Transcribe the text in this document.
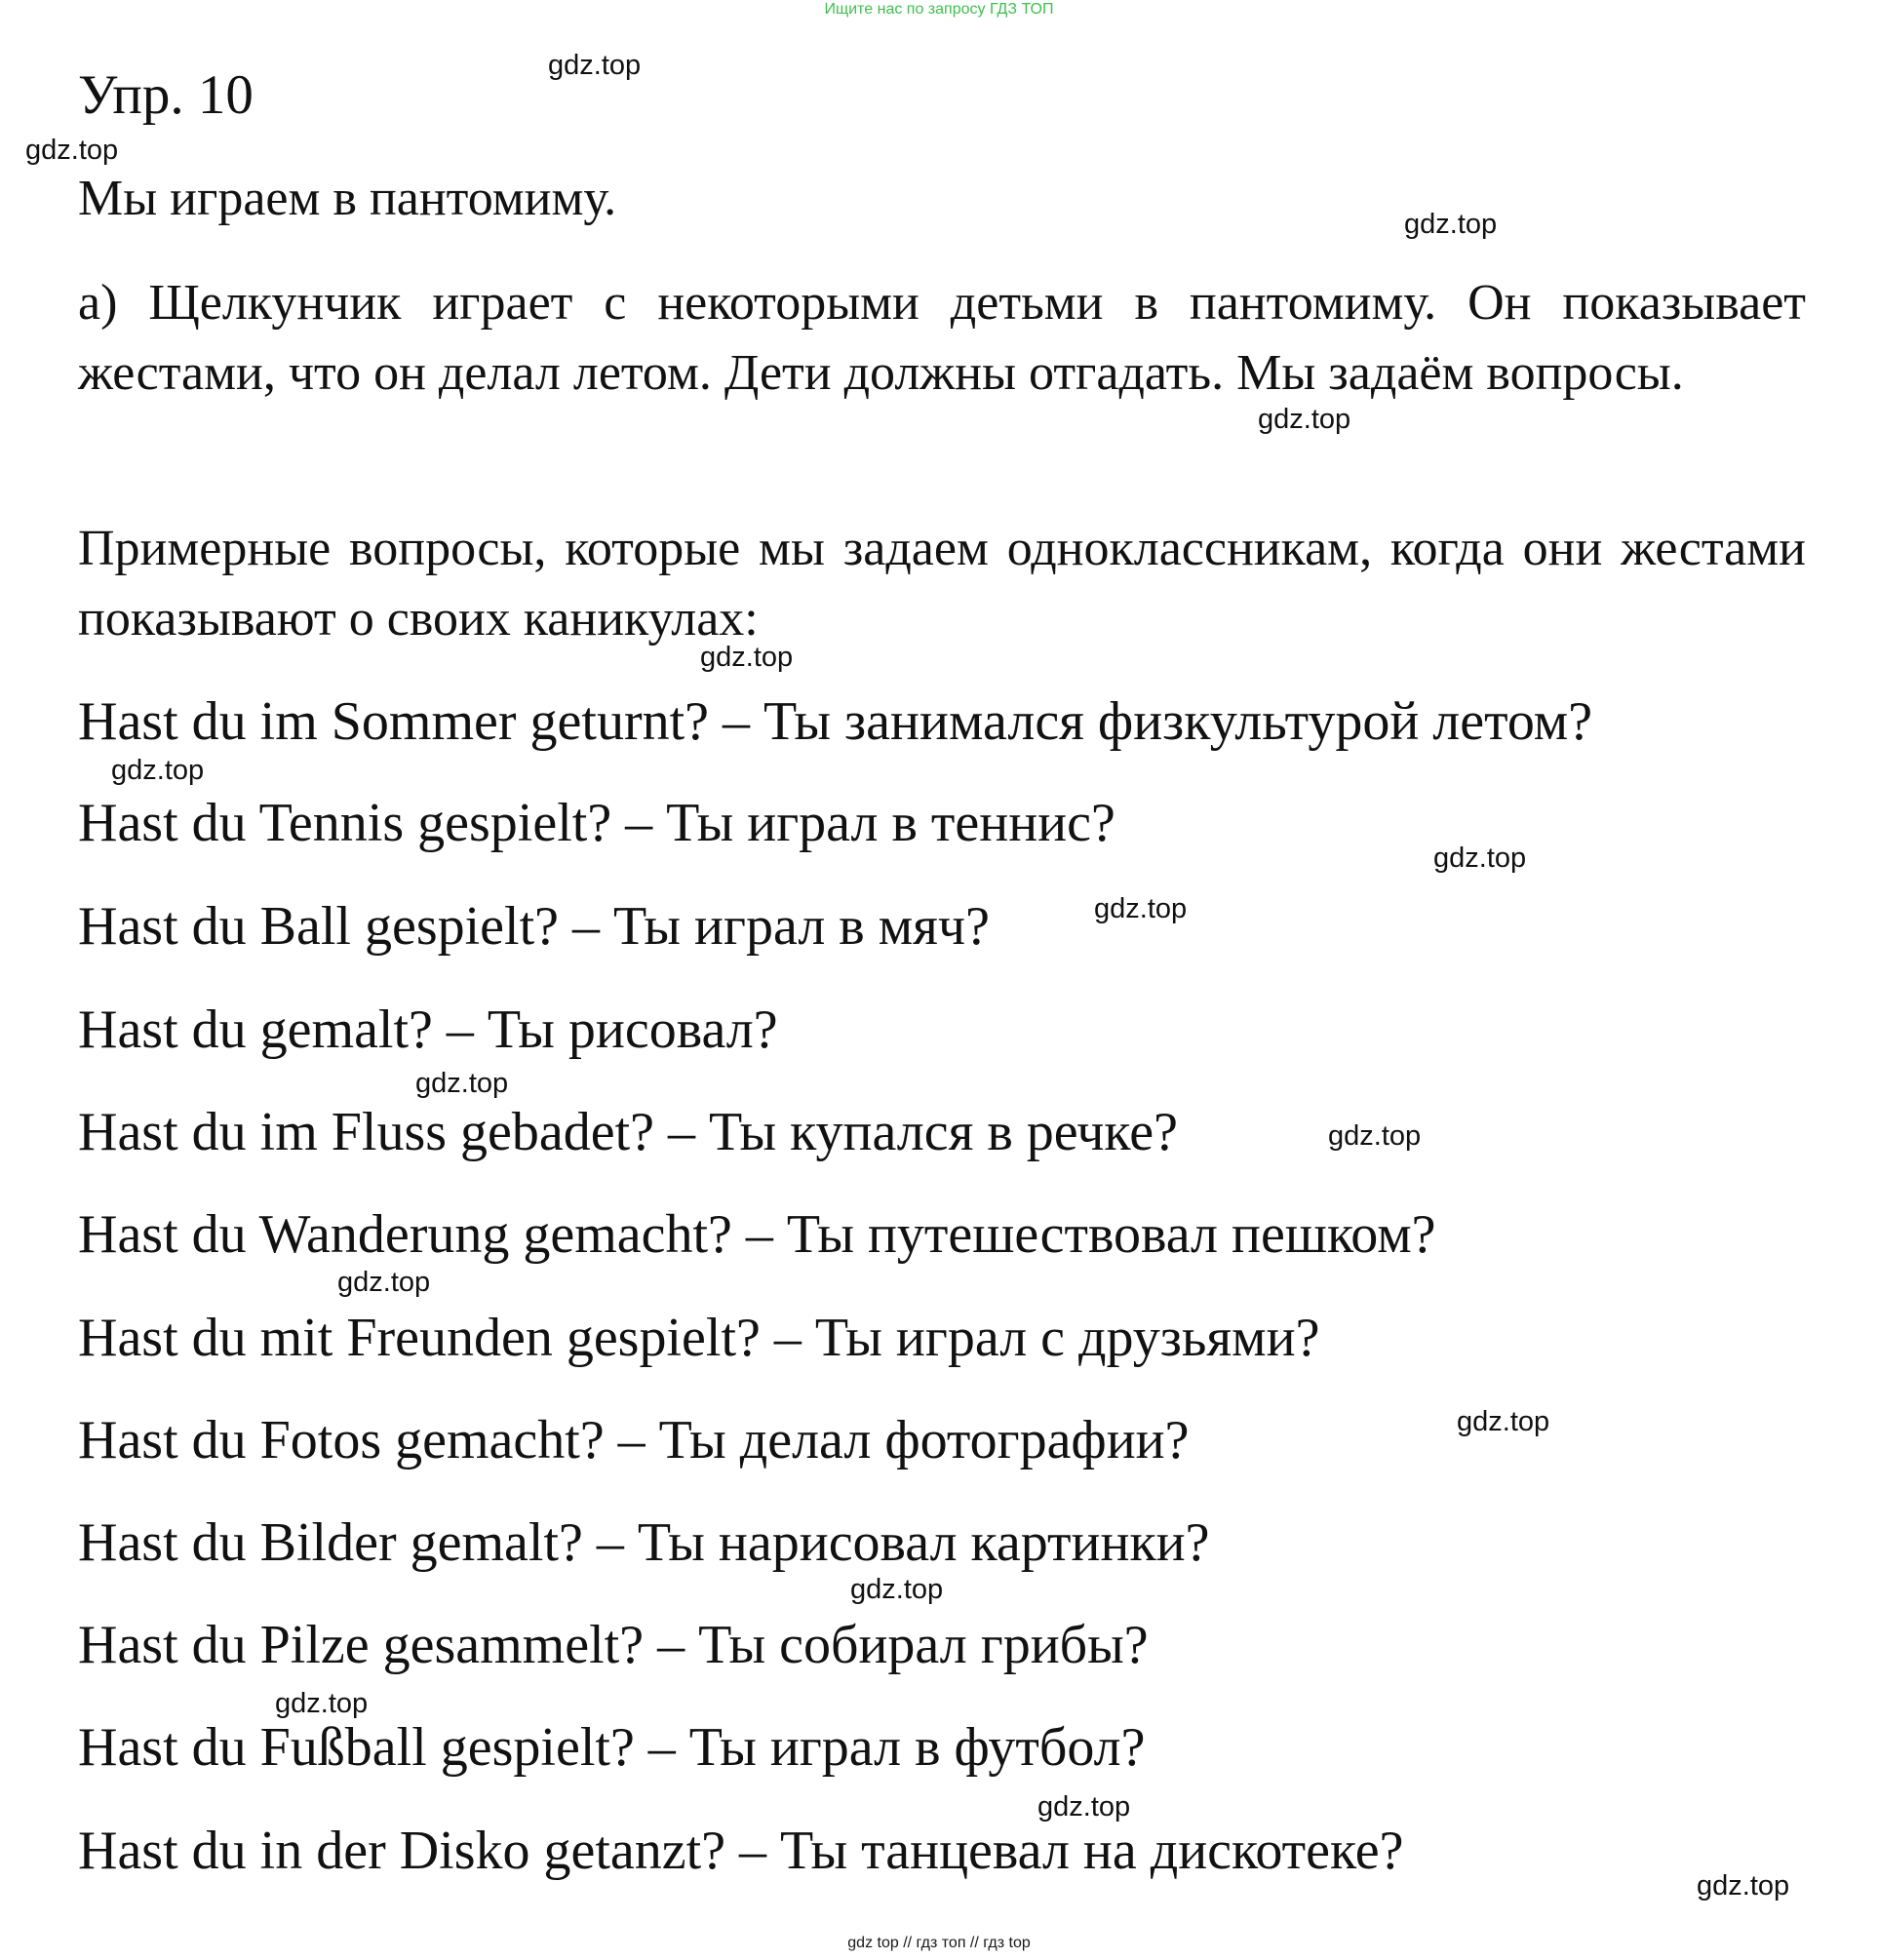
Ищите нас по запросу ГДЗ ТОП
Упр. 10
Мы играем в пантомиму.
а) Щелкунчик играет с некоторыми детьми в пантомиму. Он показывает жестами, что он делал летом. Дети должны отгадать. Мы задаём вопросы.
Примерные вопросы, которые мы задаем одноклассникам, когда они жестами показывают о своих каникулах:
Hast du im Sommer geturnt? – Ты занимался физкультурой летом?
Hast du Tennis gespielt? – Ты играл в теннис?
Hast du Ball gespielt? – Ты играл в мяч?
Hast du gemalt? – Ты рисовал?
Hast du im Fluss gebadet? – Ты купался в речке?
Hast du Wanderung gemacht? – Ты путешествовал пешком?
Hast du mit Freunden gespielt? – Ты играл с друзьями?
Hast du Fotos gemacht? – Ты делал фотографии?
Hast du Bilder gemalt? – Ты нарисовал картинки?
Hast du Pilze gesammelt? – Ты собирал грибы?
Hast du Fußball gespielt? – Ты играл в футбол?
Hast du in der Disko getanzt? – Ты танцевал на дискотеке?
gdz.top
gdz.top
gdz.top
gdz.top
gdz.top
gdz.top
gdz.top
gdz.top
gdz.top
gdz.top
gdz.top
gdz.top
gdz.top
gdz.top
gdz.top
gdz.top
gdz top // гдз топ // гдз top
